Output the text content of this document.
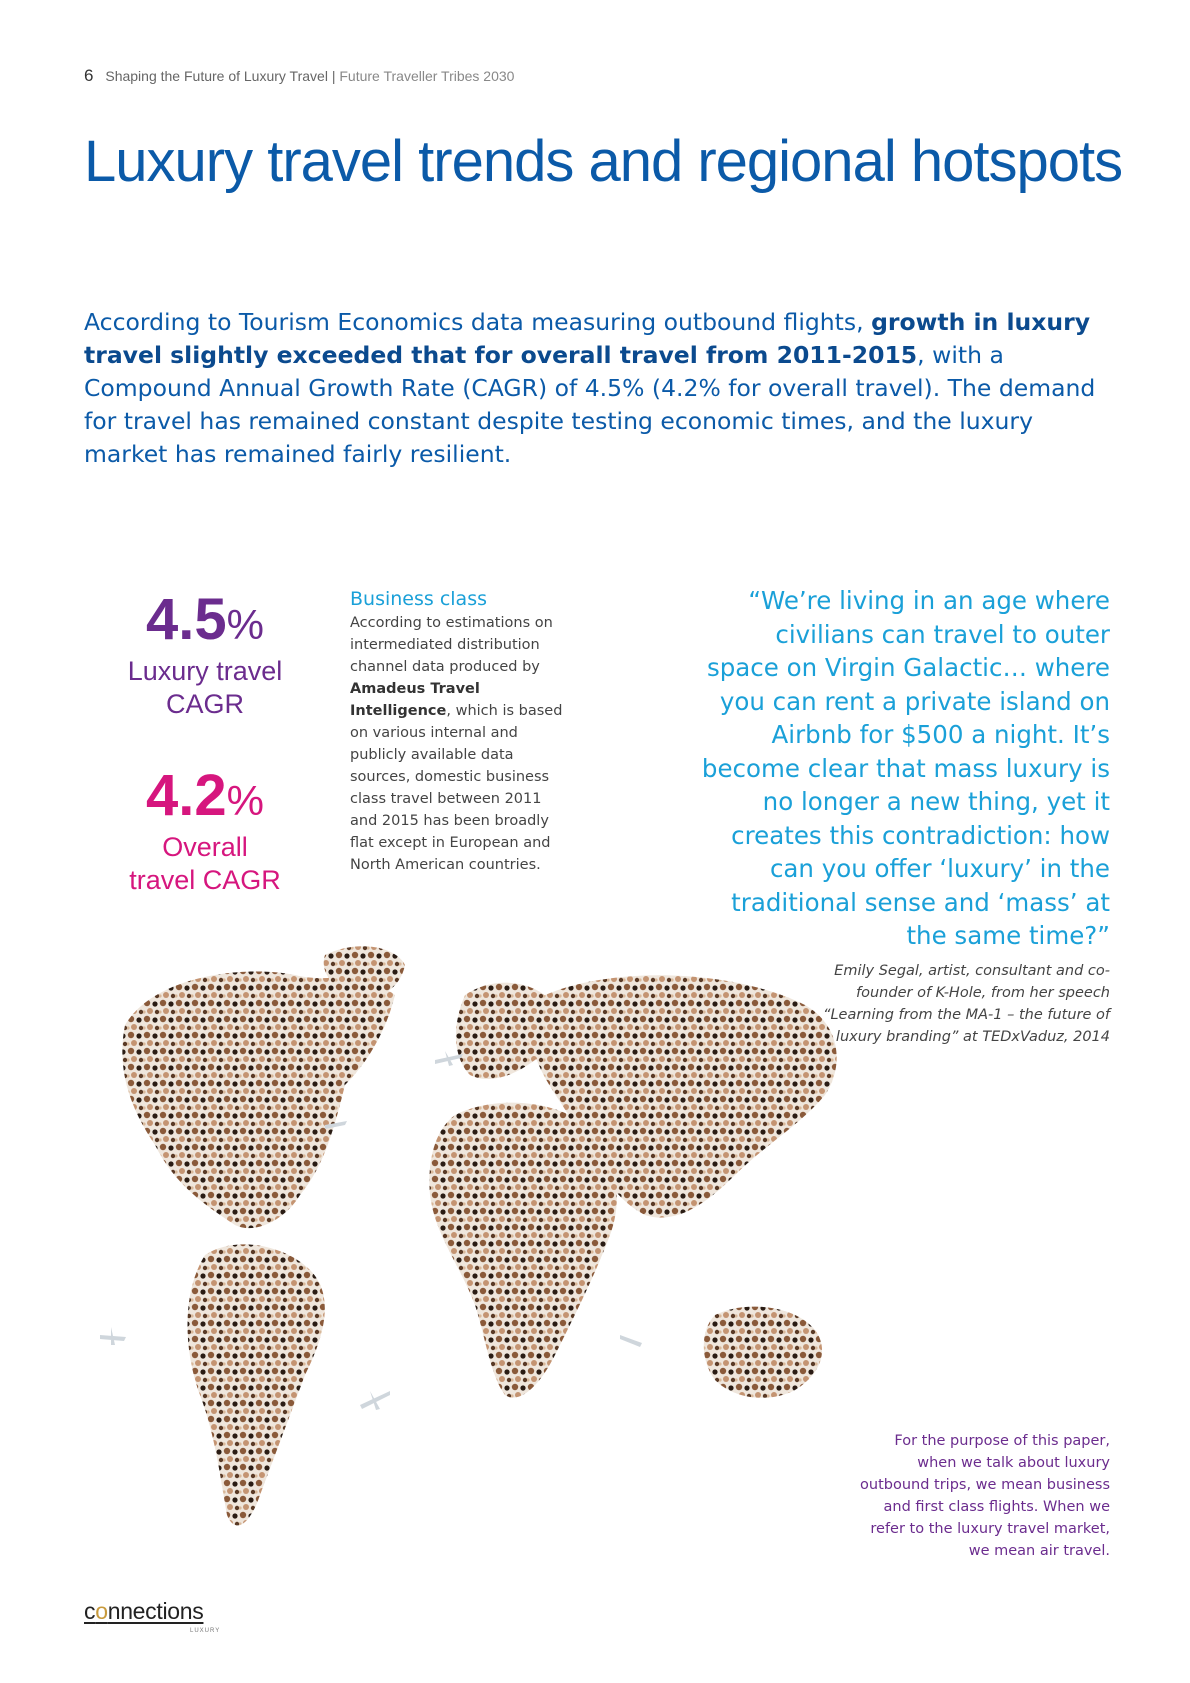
6 Shaping the Future of Luxury Travel | Future Traveller Tribes 2030
Luxury travel trends and regional hotspots

According to Tourism Economics data measuring outbound flights, growth in luxury travel slightly exceeded that for overall travel from 2011-2015, with a Compound Annual Growth Rate (CAGR) of 4.5% (4.2% for overall travel). The demand for travel has remained constant despite testing economic times, and the luxury market has remained fairly resilient.

4.5%
Luxury travel
CAGR
4.2%
Overall
travel CAGR
Business class

According to estimations on intermediated distribution channel data produced by Amadeus Travel Intelligence, which is based on various internal and publicly available data sources, domestic business class travel between 2011 and 2015 has been broadly flat except in European and North American countries.

“We’re living in an age where civilians can travel to outer space on Virgin Galactic… where you can rent a private island on Airbnb for $500 a night. It’s become clear that mass luxury is no longer a new thing, yet it creates this contradiction: how can you offer ‘luxury’ in the traditional sense and ‘mass’ at the same time?”
Emily Segal, artist, consultant and co-founder of K-Hole, from her speech “Learning from the MA-1 – the future of luxury branding” at TEDxVaduz, 2014
For the purpose of this paper, when we talk about luxury outbound trips, we mean business and first class flights. When we refer to the luxury travel market, we mean air travel.
connections
LUXURY
